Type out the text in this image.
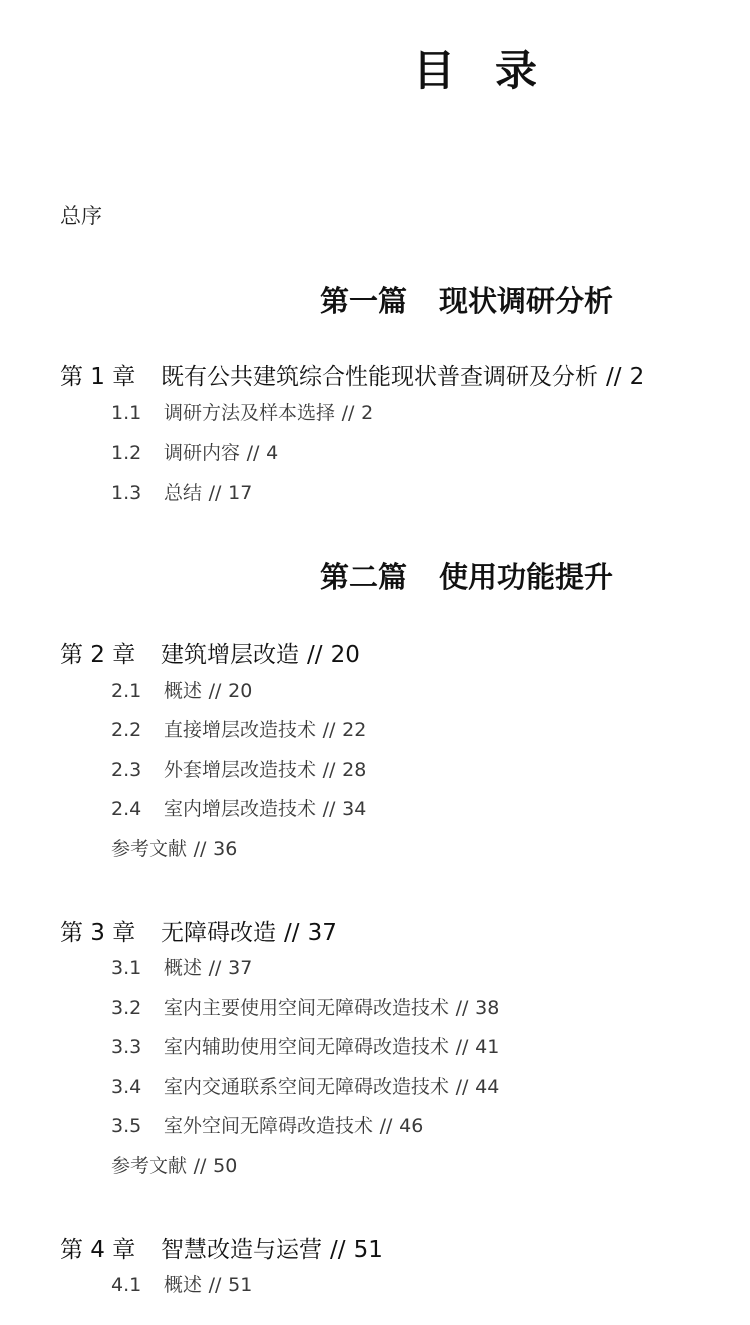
目录
总序
第一篇 现状调研分析
第 1 章 既有公共建筑综合性能现状普查调研及分析 // 2
1.1 调研方法及样本选择 // 2
1.2 调研内容 // 4
1.3 总结 // 17
第二篇 使用功能提升
第 2 章 建筑增层改造 // 20
2.1 概述 // 20
2.2 直接增层改造技术 // 22
2.3 外套增层改造技术 // 28
2.4 室内增层改造技术 // 34
参考文献 // 36
第 3 章 无障碍改造 // 37
3.1 概述 // 37
3.2 室内主要使用空间无障碍改造技术 // 38
3.3 室内辅助使用空间无障碍改造技术 // 41
3.4 室内交通联系空间无障碍改造技术 // 44
3.5 室外空间无障碍改造技术 // 46
参考文献 // 50
第 4 章 智慧改造与运营 // 51
4.1 概述 // 51
